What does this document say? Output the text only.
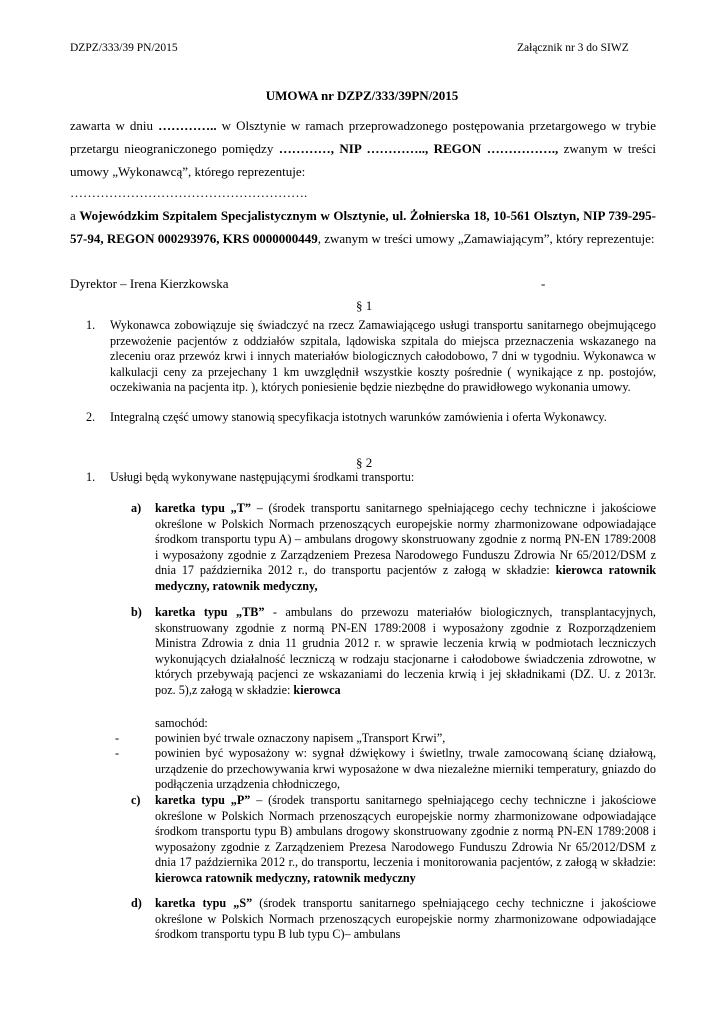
DZPZ/333/39 PN/2015	Załącznik nr 3 do SIWZ
UMOWA nr DZPZ/333/39PN/2015
zawarta w dniu ………….. w Olsztynie w ramach przeprowadzonego postępowania przetargowego w trybie przetargu nieograniczonego pomiędzy …………, NIP ………….., REGON ……………., zwanym w treści umowy „Wykonawcą”, którego reprezentuje:
……………………………………………….
a Wojewódzkim Szpitalem Specjalistycznym w Olsztynie, ul. Żołnierska 18, 10-561 Olsztyn, NIP 739-295-57-94, REGON 000293976, KRS 0000000449, zwanym w treści umowy „Zamawiającym”, który reprezentuje:
Dyrektor – Irena Kierzkowska	-
§ 1
1.	Wykonawca zobowiązuje się świadczyć na rzecz Zamawiającego usługi transportu sanitarnego obejmującego przewożenie pacjentów z oddziałów szpitala, lądowiska szpitala do miejsca przeznaczenia wskazanego na zleceniu oraz przewóz krwi i innych materiałów biologicznych całodobowo, 7 dni w tygodniu. Wykonawca w kalkulacji ceny za przejechany 1 km uwzględnił wszystkie koszty pośrednie ( wynikające z np. postojów, oczekiwania na pacjenta itp. ), których poniesienie będzie niezbędne do prawidłowego wykonania umowy.
2.	Integralną część umowy stanowią specyfikacja istotnych warunków zamówienia i oferta Wykonawcy.
§ 2
1.	Usługi będą wykonywane następującymi środkami transportu:
a) karetka typu „T” – (środek transportu sanitarnego spełniającego cechy techniczne i jakościowe określone w Polskich Normach przenoszących europejskie normy zharmonizowane odpowiadające środkom transportu typu A) – ambulans drogowy skonstruowany zgodnie z normą PN-EN 1789:2008 i wyposażony zgodnie z Zarządzeniem Prezesa Narodowego Funduszu Zdrowia Nr 65/2012/DSM z dnia 17 października 2012 r., do transportu pacjentów z załogą w składzie: kierowca ratownik medyczny, ratownik medyczny,
b) karetka typu „TB” - ambulans do przewozu materiałów biologicznych, transplantacyjnych, skonstruowany zgodnie z normą PN-EN 1789:2008 i wyposażony zgodnie z Rozporządzeniem Ministra Zdrowia z dnia 11 grudnia 2012 r. w sprawie leczenia krwią w podmiotach leczniczych wykonujących działalność leczniczą w rodzaju stacjonarne i całodobowe świadczenia zdrowotne, w których przebywają pacjenci ze wskazaniami do leczenia krwią i jej składnikami (DZ. U. z 2013r. poz. 5),z załogą w składzie: kierowca
samochód:
-	powinien być trwale oznaczony napisem „Transport Krwi”,
-	powinien być wyposażony w: sygnał dźwiękowy i świetlny, trwale zamocowaną ścianę działową, urządzenie do przechowywania krwi wyposażone w dwa niezależne mierniki temperatury, gniazdo do podłączenia urządzenia chłodniczego,
c) karetka typu „P” – (środek transportu sanitarnego spełniającego cechy techniczne i jakościowe określone w Polskich Normach przenoszących europejskie normy zharmonizowane odpowiadające środkom transportu typu B) ambulans drogowy skonstruowany zgodnie z normą PN-EN 1789:2008 i wyposażony zgodnie z Zarządzeniem Prezesa Narodowego Funduszu Zdrowia Nr 65/2012/DSM z dnia 17 października 2012 r., do transportu, leczenia i monitorowania pacjentów, z załogą w składzie: kierowca ratownik medyczny, ratownik medyczny
d) karetka typu „S” (środek transportu sanitarnego spełniającego cechy techniczne i jakościowe określone w Polskich Normach przenoszących europejskie normy zharmonizowane odpowiadające środkom transportu typu B lub typu C)– ambulans
